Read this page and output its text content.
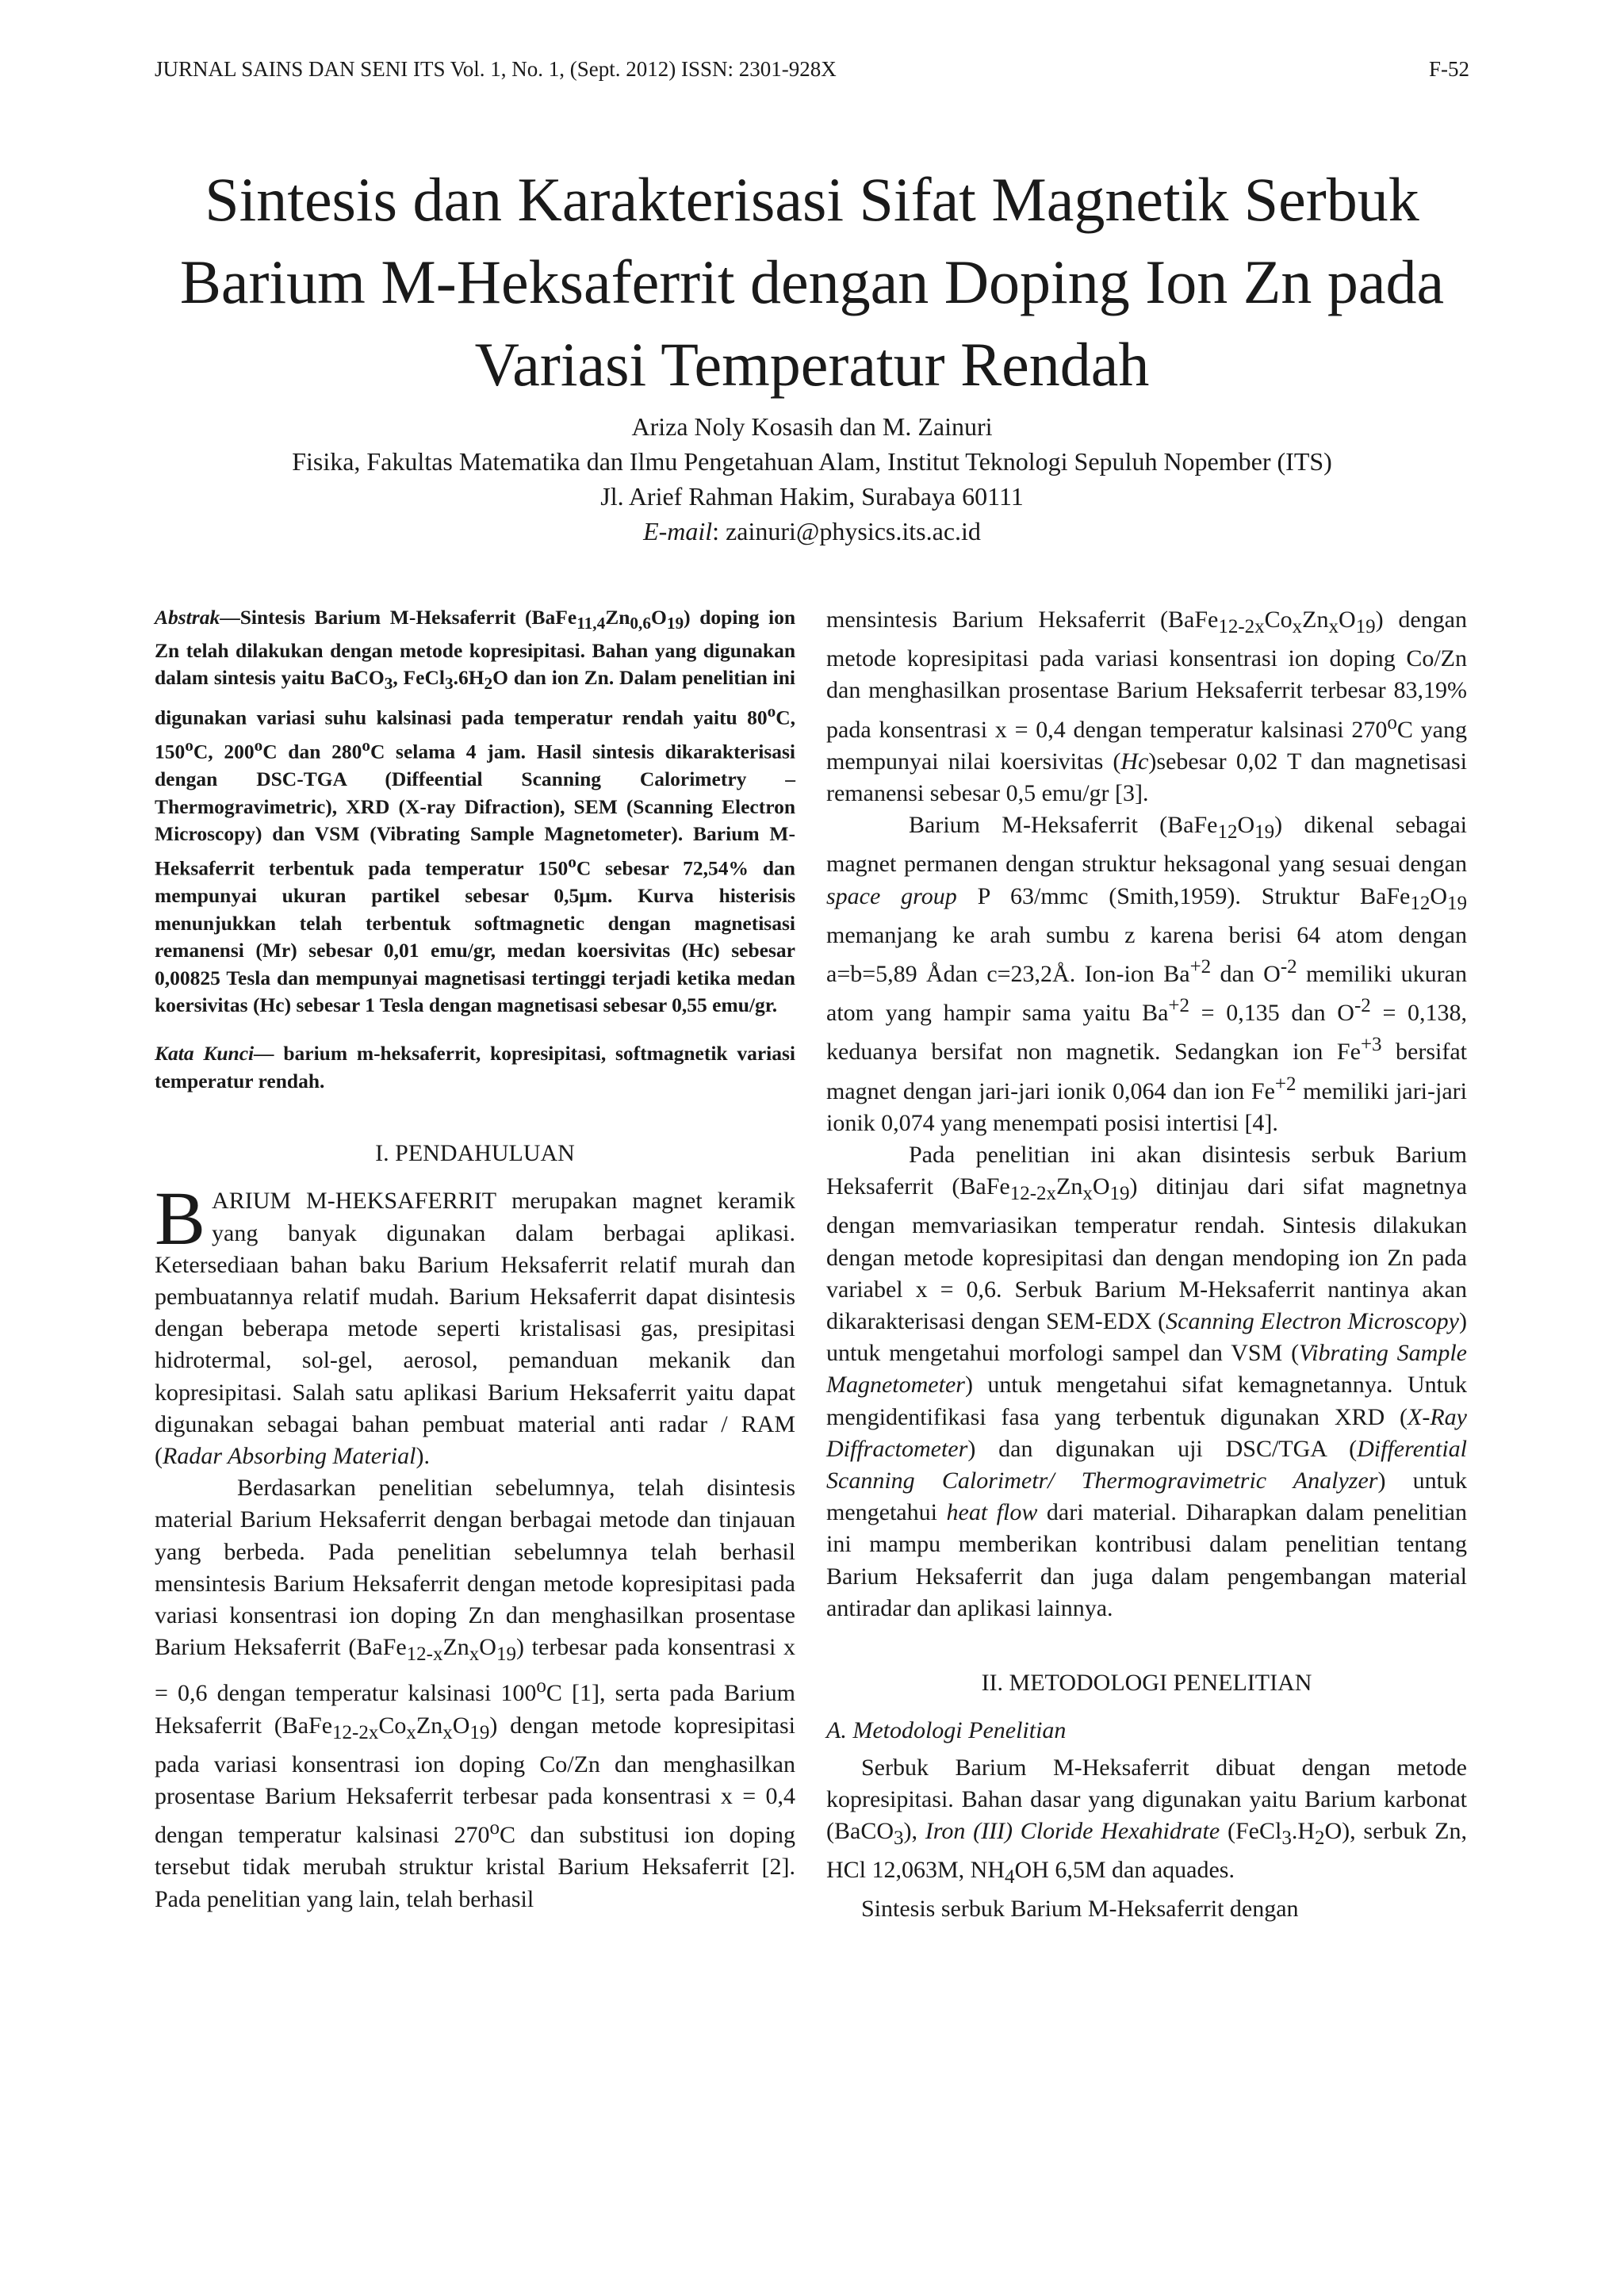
JURNAL SAINS DAN SENI ITS Vol. 1, No. 1, (Sept. 2012) ISSN: 2301-928X	F-52
Sintesis dan Karakterisasi Sifat Magnetik Serbuk
Barium M-Heksaferrit dengan Doping Ion Zn pada
Variasi Temperatur Rendah
Ariza Noly Kosasih dan M. Zainuri
Fisika, Fakultas Matematika dan Ilmu Pengetahuan Alam, Institut Teknologi Sepuluh Nopember (ITS)
Jl. Arief Rahman Hakim, Surabaya 60111
E-mail: zainuri@physics.its.ac.id

Abstrak—Sintesis Barium M-Heksaferrit $(BaFe_{11,4}Zn_{0,6}O_{19})$ doping ion Zn telah dilakukan dengan metode kopresipitasi. Bahan yang digunakan dalam sintesis yaitu BaCO$_3$, $FeCl_3.6H_2O$ dan ion Zn. Dalam penelitian ini digunakan variasi suhu kalsinasi pada temperatur rendah yaitu 80$^o$C, 150$^o$C, 200$^o$C dan 280$^o$C selama 4 jam. Hasil sintesis dikarakterisasi dengan DSC-TGA (Diffeential Scanning Calorimetry – Thermogravimetric), XRD (X-ray Difraction), SEM (Scanning Electron Microscopy) dan VSM (Vibrating Sample Magnetometer). Barium M-Heksaferrit terbentuk pada temperatur 150$^o$C sebesar 72,54% dan mempunyai ukuran partikel sebesar 0,5μm. Kurva histerisis menunjukkan telah terbentuk softmagnetic dengan magnetisasi remanensi (Mr) sebesar 0,01 emu/gr, medan koersivitas (Hc) sebesar 0,00825 Tesla dan mempunyai magnetisasi tertinggi terjadi ketika medan koersivitas (Hc) sebesar 1 Tesla dengan magnetisasi sebesar 0,55 emu/gr.

Kata Kunci— barium m-heksaferrit, kopresipitasi, softmagnetik variasi temperatur rendah.

I. PENDAHULUAN

BARIUM M-HEKSAFERRIT merupakan magnet keramik yang banyak digunakan dalam berbagai aplikasi. Ketersediaan bahan baku Barium Heksaferrit relatif murah dan pembuatannya relatif mudah. Barium Heksaferrit dapat disintesis dengan beberapa metode seperti kristalisasi gas, presipitasi hidrotermal, sol-gel, aerosol, pemanduan mekanik dan kopresipitasi. Salah satu aplikasi Barium Heksaferrit yaitu dapat digunakan sebagai bahan pembuat material anti radar / RAM (Radar Absorbing Material).

Berdasarkan penelitian sebelumnya, telah disintesis material Barium Heksaferrit dengan berbagai metode dan tinjauan yang berbeda. Pada penelitian sebelumnya telah berhasil mensintesis Barium Heksaferrit dengan metode kopresipitasi pada variasi konsentrasi ion doping Zn dan menghasilkan prosentase Barium Heksaferrit $(BaFe_{12-x}Zn_xO_{19})$ terbesar pada konsentrasi x = 0,6 dengan temperatur kalsinasi 100$^o$C [1], serta pada Barium Heksaferrit $(BaFe_{12-2x}Co_xZn_xO_{19})$ dengan metode kopresipitasi pada variasi konsentrasi ion doping Co/Zn dan menghasilkan prosentase Barium Heksaferrit terbesar pada konsentrasi x = 0,4 dengan temperatur kalsinasi 270$^o$C dan substitusi ion doping tersebut tidak merubah struktur kristal Barium Heksaferrit [2]. Pada penelitian yang lain, telah berhasil

mensintesis Barium Heksaferrit $(BaFe_{12-2x}Co_xZn_xO_{19})$ dengan metode kopresipitasi pada variasi konsentrasi ion doping Co/Zn dan menghasilkan prosentase Barium Heksaferrit terbesar 83,19% pada konsentrasi x = 0,4 dengan temperatur kalsinasi 270$^o$C yang mempunyai nilai koersivitas (Hc)sebesar 0,02 T dan magnetisasi remanensi sebesar 0,5 emu/gr [3].

Barium M-Heksaferrit $(BaFe_{12}O_{19})$ dikenal sebagai magnet permanen dengan struktur heksagonal yang sesuai dengan space group P 63/mmc (Smith,1959). Struktur $BaFe_{12}O_{19}$ memanjang ke arah sumbu z karena berisi 64 atom dengan a=b=5,89 Ådan c=23,2Å. Ion-ion $Ba^{+2}$ dan $O^{-2}$ memiliki ukuran atom yang hampir sama yaitu $Ba^{+2} = 0,135$ dan $O^{-2} = 0,138$, keduanya bersifat non magnetik. Sedangkan ion $Fe^{+3}$ bersifat magnet dengan jari-jari ionik 0,064 dan ion $Fe^{+2}$ memiliki jari-jari ionik 0,074 yang menempati posisi intertisi [4].

Pada penelitian ini akan disintesis serbuk Barium Heksaferrit $(BaFe_{12-2x}Zn_xO_{19})$ ditinjau dari sifat magnetnya dengan memvariasikan temperatur rendah. Sintesis dilakukan dengan metode kopresipitasi dan dengan mendoping ion Zn pada variabel x = 0,6. Serbuk Barium M-Heksaferrit nantinya akan dikarakterisasi dengan SEM-EDX (Scanning Electron Microscopy) untuk mengetahui morfologi sampel dan VSM (Vibrating Sample Magnetometer) untuk mengetahui sifat kemagnetannya. Untuk mengidentifikasi fasa yang terbentuk digunakan XRD (X-Ray Diffractometer) dan digunakan uji DSC/TGA (Differential Scanning Calorimetr/ Thermogravimetric Analyzer) untuk mengetahui heat flow dari material. Diharapkan dalam penelitian ini mampu memberikan kontribusi dalam penelitian tentang Barium Heksaferrit dan juga dalam pengembangan material antiradar dan aplikasi lainnya.

II. METODOLOGI PENELITIAN

A. Metodologi Penelitian

Serbuk Barium M-Heksaferrit dibuat dengan metode kopresipitasi. Bahan dasar yang digunakan yaitu Barium karbonat (BaCO$_3$), Iron (III) Cloride Hexahidrate $(FeCl_3.H_2O)$, serbuk Zn, HCl 12,063M, $NH_4OH$ 6,5M dan aquades.

Sintesis serbuk Barium M-Heksaferrit dengan
